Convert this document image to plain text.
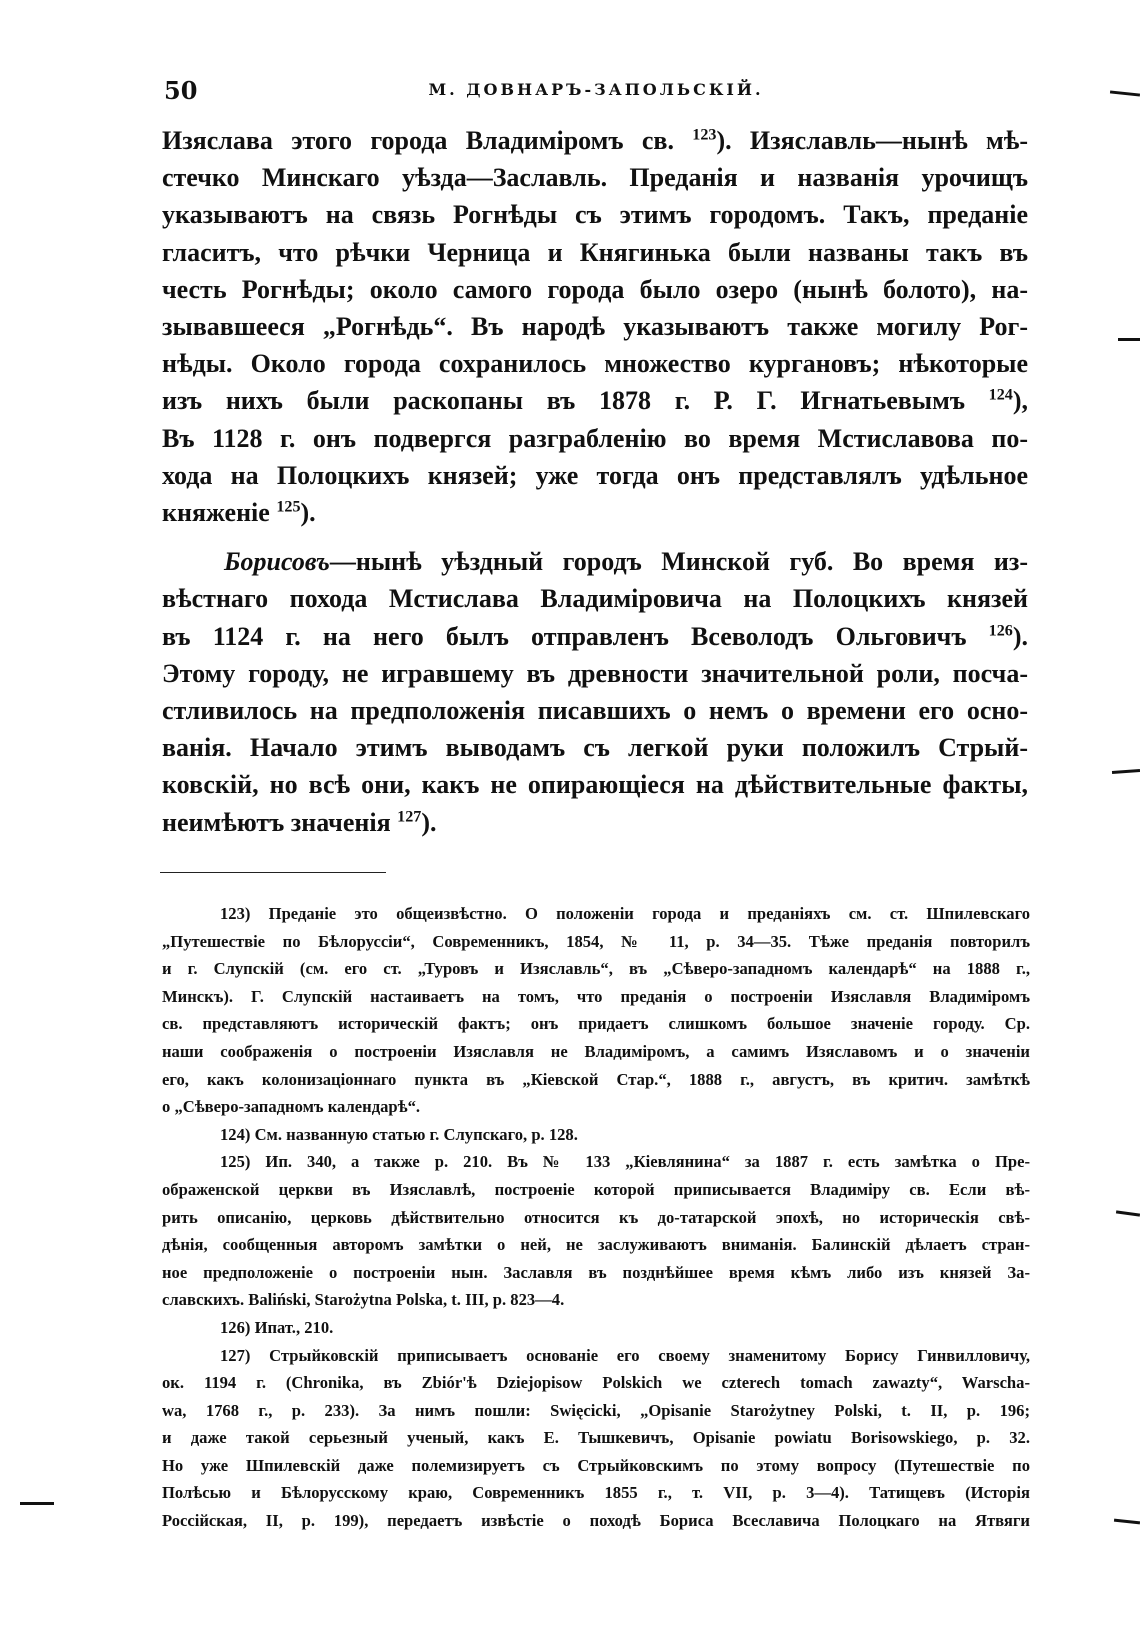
50	М. ДОВНАРЪ-ЗАПОЛЬСКІЙ.

Изяслава этого города Владиміромъ св. $^{123}$). Изяславль—нынѣ мѣ-
стечко Минскаго уѣзда—Заславль. Преданія и названія урочищъ
указываютъ на связь Рогнѣды съ этимъ городомъ. Такъ, преданіе
гласитъ, что рѣчки Черница и Княгинька были названы такъ въ
честь Рогнѣды; около самого города было озеро (нынѣ болото), на-
зывавшееся „Рогнѣдь“. Въ народѣ указываютъ также могилу Рог-
нѣды. Около города сохранилось множество кургановъ; нѣкоторые
изъ нихъ были раскопаны въ 1878 г. Р. Г. Игнатьевымъ $^{124}$),
Въ 1128 г. онъ подвергся разграбленію во время Мстиславова по-
хода на Полоцкихъ князей; уже тогда онъ представлялъ удѣльное
княженіе $^{125}$).

Борисовъ—нынѣ уѣздный городъ Минской губ. Во время из-
вѣстнаго похода Мстислава Владиміровича на Полоцкихъ князей
въ 1124 г. на него былъ отправленъ Всеволодъ Ольговичъ $^{126}$).
Этому городу, не игравшему въ древности значительной роли, посча-
стливилось на предположенія писавшихъ о немъ о времени его осно-
ванія. Начало этимъ выводамъ съ легкой руки положилъ Стрый-
ковскій, но всѣ они, какъ не опирающіеся на дѣйствительные факты,
неимѣютъ значенія $^{127}$).

123) Преданіе это общеизвѣстно. О положеніи города и преданіяхъ см. ст. Шпилевскаго
„Путешествіе по Бѣлоруссіи“, Современникъ, 1854, № 11, р. 34—35. Тѣже преданія повторилъ
и г. Слупскій (см. его ст. „Туровъ и Изяславль“, въ „Сѣверо-западномъ календарѣ“ на 1888 г.,
Минскъ). Г. Слупскій настаиваетъ на томъ, что преданія о построеніи Изяславля Владиміромъ
св. представляютъ историческій фактъ; онъ придаетъ слишкомъ большое значеніе городу. Ср.
наши соображенія о построеніи Изяславля не Владиміромъ, а самимъ Изяславомъ и о значеніи
его, какъ колонизаціоннаго пункта въ „Кіевской Стар.“, 1888 г., августъ, въ критич. замѣткѣ
о „Сѣверо-западномъ календарѣ“.
124) См. названную статью г. Слупскаго, р. 128.
125) Ип. 340, а также р. 210. Въ № 133 „Кіевлянина“ за 1887 г. есть замѣтка о Пре-
ображенской церкви въ Изяславлѣ, построеніе которой приписывается Владиміру св. Если вѣ-
рить описанію, церковь дѣйствительно относится къ до-татарской эпохѣ, но историческія свѣ-
дѣнія, сообщенныя авторомъ замѣтки о ней, не заслуживаютъ вниманія. Балинскій дѣлаетъ стран-
ное предположеніе о построеніи нын. Заславля въ позднѣйшее время кѣмъ либо изъ князей За-
славскихъ. Baliński, Starożytna Polska, t. III, р. 823—4.
126) Ипат., 210.
127) Стрыйковскій приписываетъ основаніе его своему знаменитому Борису Гинвилловичу,
ок. 1194 г. (Chronika, въ Zbiór'ѣ Dziejopisow Polskich we czterech tomach zawazty“, Warscha-
wa, 1768 г., р. 233). За нимъ пошли: Swięcicki, „Opisanie Starożytney Polski, t. II, р. 196;
и даже такой серьезный ученый, какъ Е. Тышкевичъ, Opisanie powiatu Borisowskiego, р. 32.
Но уже Шпилевскій даже полемизируетъ съ Стрыйковскимъ по этому вопросу (Путешествіе по
Полѣсью и Бѣлорусскому краю, Современникъ 1855 г., т. VII, р. 3—4). Татищевъ (Исторія
Россійская, II, р. 199), передаетъ извѣстіе о походѣ Бориса Всеславича Полоцкаго на Ятвяги
